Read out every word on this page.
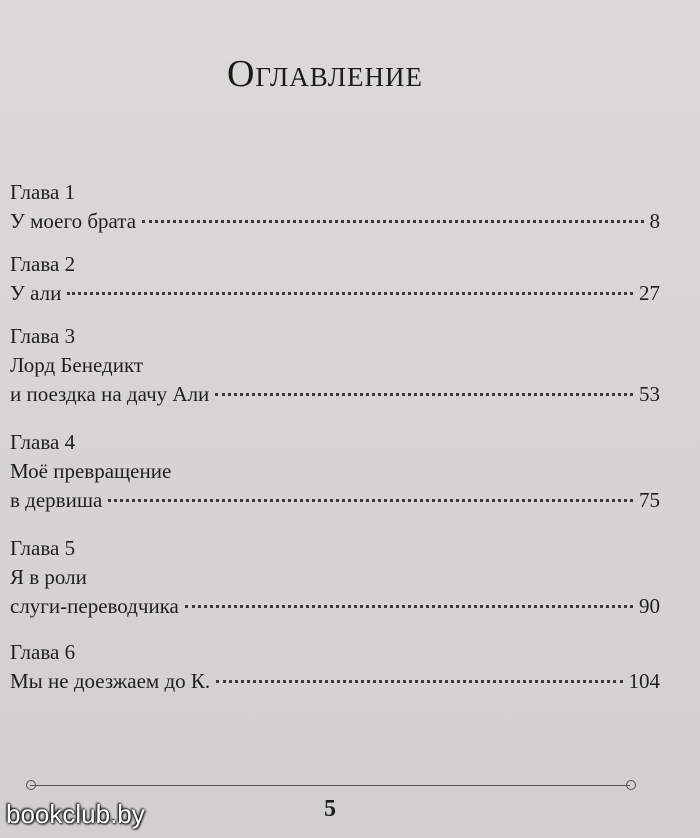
Оглавление
Глава 1
У моего брата	8
Глава 2
У али	27
Глава 3
Лорд Бенедикт
и поездка на дачу Али	53
Глава 4
Моё превращение
в дервиша	75
Глава 5
Я в роли
слуги-переводчика	90
Глава 6
Мы не доезжаем до К.	104
5
bookclub.by
